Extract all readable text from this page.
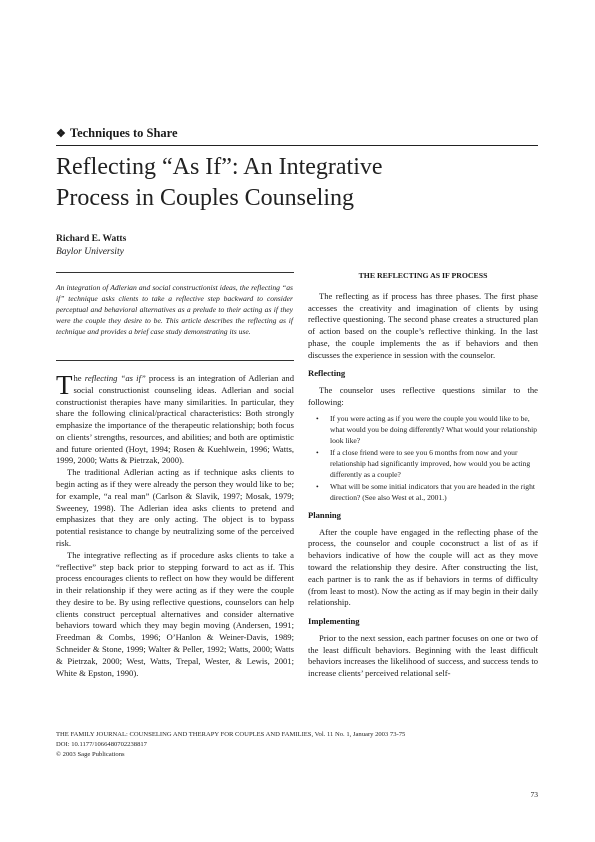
❖ Techniques to Share
Reflecting “As If”: An Integrative
Process in Couples Counseling
Richard E. Watts
Baylor University
An integration of Adlerian and social constructionist ideas, the reflecting “as if” technique asks clients to take a reflective step backward to consider perceptual and behavioral alternatives as a prelude to their acting as if they were the couple they desire to be. This article describes the reflecting as if technique and provides a brief case study demonstrating its use.

The reflecting “as if” process is an integration of Adlerian and social constructionist counseling ideas. Adlerian and social constructionist therapies have many similarities. In particular, they share the following clinical/practical characteristics: Both strongly emphasize the importance of the therapeutic relationship; both focus on clients’ strengths, resources, and abilities; and both are optimistic and future oriented (Hoyt, 1994; Rosen & Kuehlwein, 1996; Watts, 1999, 2000; Watts & Pietrzak, 2000).

The traditional Adlerian acting as if technique asks clients to begin acting as if they were already the person they would like to be; for example, “a real man” (Carlson & Slavik, 1997; Mosak, 1979; Sweeney, 1998). The Adlerian idea asks clients to pretend and emphasizes that they are only acting. The object is to bypass potential resistance to change by neutralizing some of the perceived risk.

The integrative reflecting as if procedure asks clients to take a “reflective” step back prior to stepping forward to act as if. This process encourages clients to reflect on how they would be different in their relationship if they were acting as if they were the couple they desire to be. By using reflective questions, counselors can help clients construct perceptual alternatives and consider alternative behaviors toward which they may begin moving (Andersen, 1991; Freedman & Combs, 1996; O’Hanlon & Weiner-Davis, 1989; Schneider & Stone, 1999; Walter & Peller, 1992; Watts, 2000; Watts & Pietrzak, 2000; West, Watts, Trepal, Wester, & Lewis, 2001; White & Epston, 1990).

THE REFLECTING AS IF PROCESS

The reflecting as if process has three phases. The first phase accesses the creativity and imagination of clients by using reflective questioning. The second phase creates a structured plan of action based on the couple’s reflective thinking. In the last phase, the couple implements the as if behaviors and then discusses the experience in session with the counselor.

Reflecting

The counselor uses reflective questions similar to the following:

• If you were acting as if you were the couple you would like to be, what would you be doing differently? What would your relationship look like?
• If a close friend were to see you 6 months from now and your relationship had significantly improved, how would you be acting differently as a couple?
• What will be some initial indicators that you are headed in the right direction? (See also West et al., 2001.)
Planning

After the couple have engaged in the reflecting phase of the process, the counselor and couple coconstruct a list of as if behaviors indicative of how the couple will act as they move toward the relationship they desire. After constructing the list, each partner is to rank the as if behaviors in terms of difficulty (from least to most). Now the acting as if may begin in their daily relationship.

Implementing

Prior to the next session, each partner focuses on one or two of the least difficult behaviors. Beginning with the least difficult behaviors increases the likelihood of success, and success tends to increase clients’ perceived relational self-

THE FAMILY JOURNAL: COUNSELING AND THERAPY FOR COUPLES AND FAMILIES, Vol. 11 No. 1, January 2003 73-75
DOI: 10.1177/1066480702238817
© 2003 Sage Publications
73
